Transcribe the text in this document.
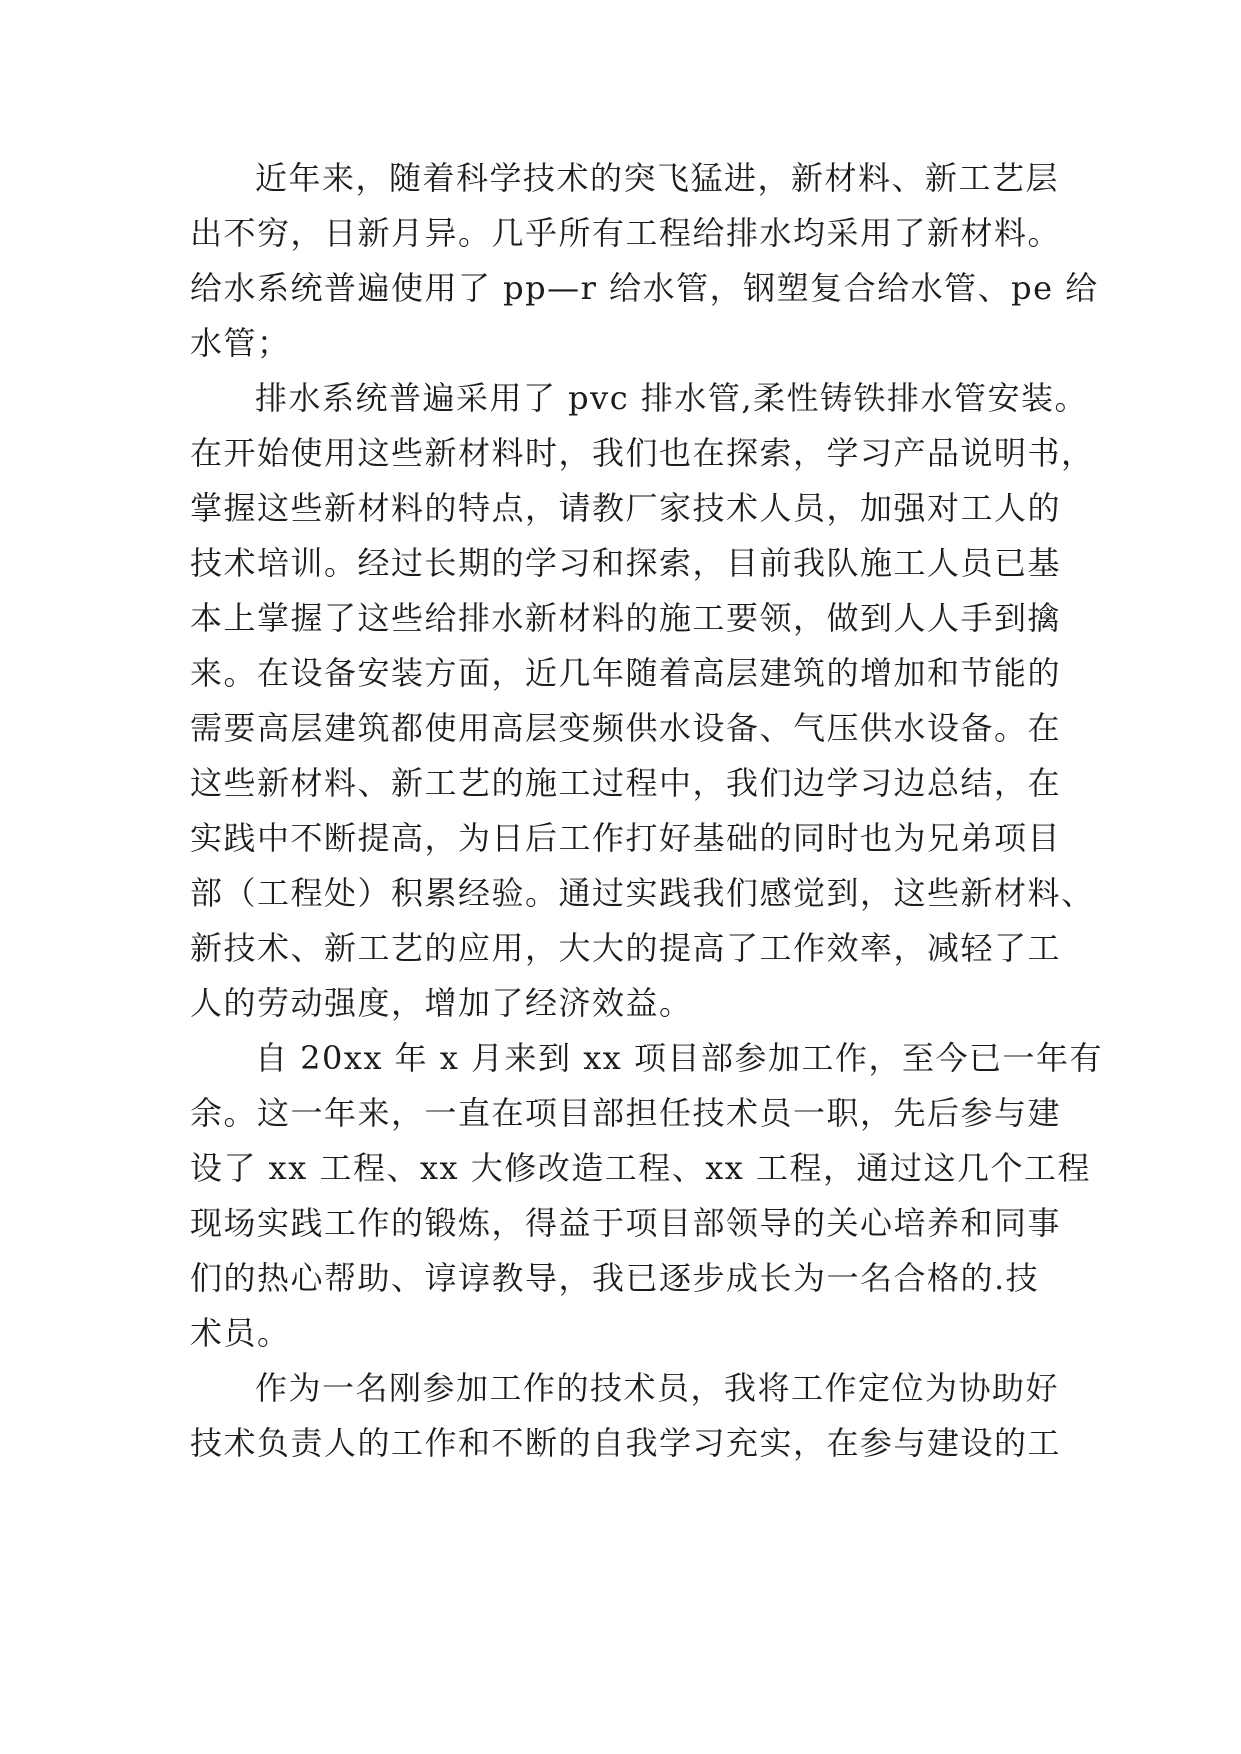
近年来，随着科学技术的突飞猛进，新材料、新工艺层
出不穷，日新月异。几乎所有工程给排水均采用了新材料。
给水系统普遍使用了 pp—r 给水管，钢塑复合给水管、pe 给
水管；
排水系统普遍采用了 pvc 排水管,柔性铸铁排水管安装。
在开始使用这些新材料时，我们也在探索，学习产品说明书，
掌握这些新材料的特点，请教厂家技术人员，加强对工人的
技术培训。经过长期的学习和探索，目前我队施工人员已基
本上掌握了这些给排水新材料的施工要领，做到人人手到擒
来。在设备安装方面，近几年随着高层建筑的增加和节能的
需要高层建筑都使用高层变频供水设备、气压供水设备。在
这些新材料、新工艺的施工过程中，我们边学习边总结，在
实践中不断提高，为日后工作打好基础的同时也为兄弟项目
部（工程处）积累经验。通过实践我们感觉到，这些新材料、
新技术、新工艺的应用，大大的提高了工作效率，减轻了工
人的劳动强度，增加了经济效益。
自 20xx 年 x 月来到 xx 项目部参加工作，至今已一年有
余。这一年来，一直在项目部担任技术员一职，先后参与建
设了 xx 工程、xx 大修改造工程、xx 工程，通过这几个工程
现场实践工作的锻炼，得益于项目部领导的关心培养和同事
们的热心帮助、谆谆教导，我已逐步成长为一名合格的.技
术员。
作为一名刚参加工作的技术员，我将工作定位为协助好
技术负责人的工作和不断的自我学习充实，在参与建设的工
